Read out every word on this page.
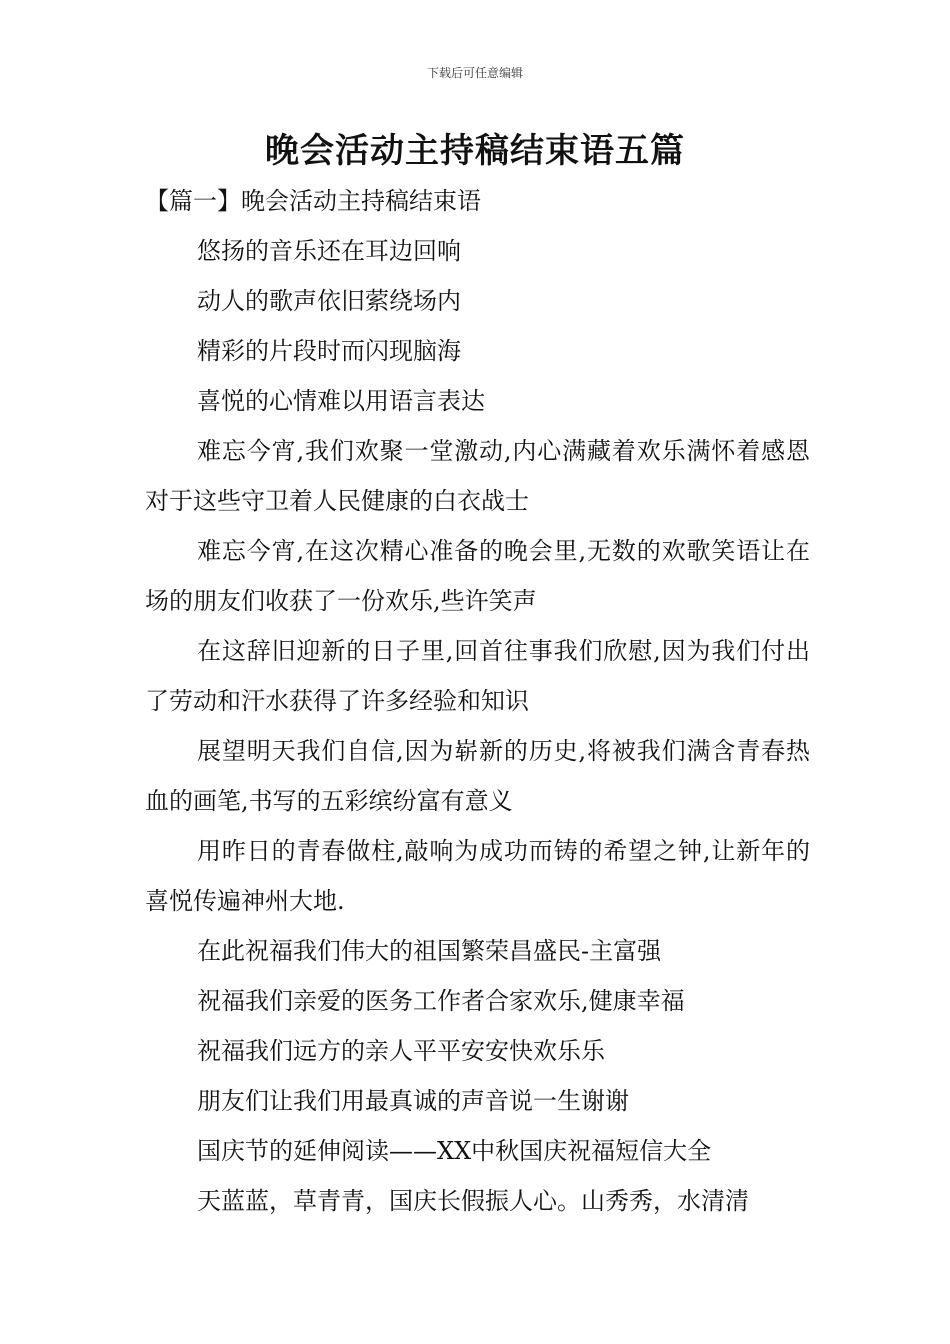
下载后可任意编辑
晚会活动主持稿结束语五篇

【篇一】晚会活动主持稿结束语

悠扬的音乐还在耳边回响

动人的歌声依旧萦绕场内

精彩的片段时而闪现脑海

喜悦的心情难以用语言表达

难忘今宵,我们欢聚一堂激动,内心满藏着欢乐满怀着感恩对于这些守卫着人民健康的白衣战士

难忘今宵,在这次精心准备的晚会里,无数的欢歌笑语让在场的朋友们收获了一份欢乐,些许笑声

在这辞旧迎新的日子里,回首往事我们欣慰,因为我们付出了劳动和汗水获得了许多经验和知识

展望明天我们自信,因为崭新的历史,将被我们满含青春热血的画笔,书写的五彩缤纷富有意义

用昨日的青春做柱,敲响为成功而铸的希望之钟,让新年的喜悦传遍神州大地.

在此祝福我们伟大的祖国繁荣昌盛民-主富强

祝福我们亲爱的医务工作者合家欢乐,健康幸福

祝福我们远方的亲人平平安安快欢乐乐

朋友们让我们用最真诚的声音说一生谢谢

国庆节的延伸阅读——XX中秋国庆祝福短信大全

天蓝蓝，草青青，国庆长假振人心。山秀秀，水清清
